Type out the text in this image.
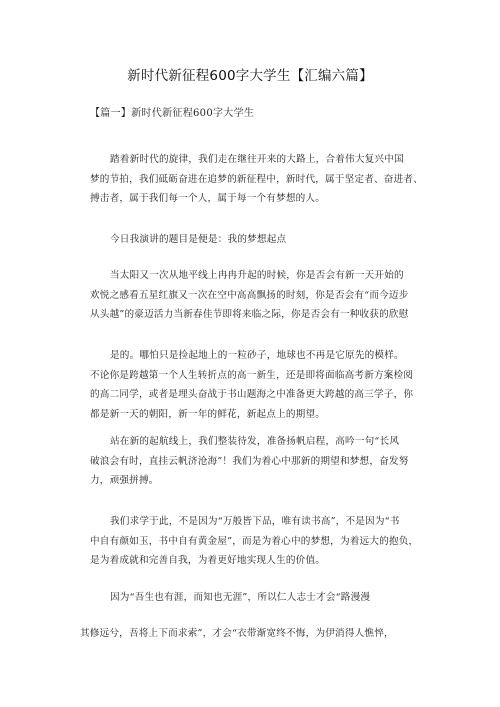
新时代新征程600字大学生【汇编六篇】
【篇一】新时代新征程600字大学生
踏着新时代的旋律，我们走在继往开来的大路上，合着伟大复兴中国
梦的节拍，我们砥砺奋进在追梦的新征程中，新时代，属于坚定者、奋进者、
搏击者，属于我们每一个人，属于每一个有梦想的人。
今日我演讲的题目是便是：我的梦想起点
当太阳又一次从地平线上冉冉升起的时候，你是否会有新一天开始的
欢悦之感看五星红旗又一次在空中高高飘扬的时刻，你是否会有“而今迈步
从头越”的豪迈活力当新春佳节即将来临之际，你是否会有一种收获的欣慰
是的。哪怕只是捡起地上的一粒砂子，地球也不再是它原先的模样。
不论你是跨越第一个人生转折点的高一新生，还是即将面临高考新方案检阅
的高二同学，或者是埋头奋战于书山题海之中准备更大跨越的高三学子，你
都是新一天的朝阳，新一年的鲜花，新起点上的期望。
站在新的起航线上，我们整装待发，准备扬帆启程，高吟一句“长风
破浪会有时，直挂云帆济沧海”！我们为着心中那新的期望和梦想，奋发努
力，顽强拼搏。
我们求学于此，不是因为“万般皆下品，唯有读书高”，不是因为“书
中自有颜如玉，书中自有黄金屋”，而是为着心中的梦想，为着远大的抱负，
是为着成就和完善自我，为着更好地实现人生的价值。
因为“吾生也有涯，而知也无涯”，所以仁人志士才会“路漫漫
其修远兮，吾将上下而求索”，才会“衣带渐宽终不悔，为伊消得人憔悴，
